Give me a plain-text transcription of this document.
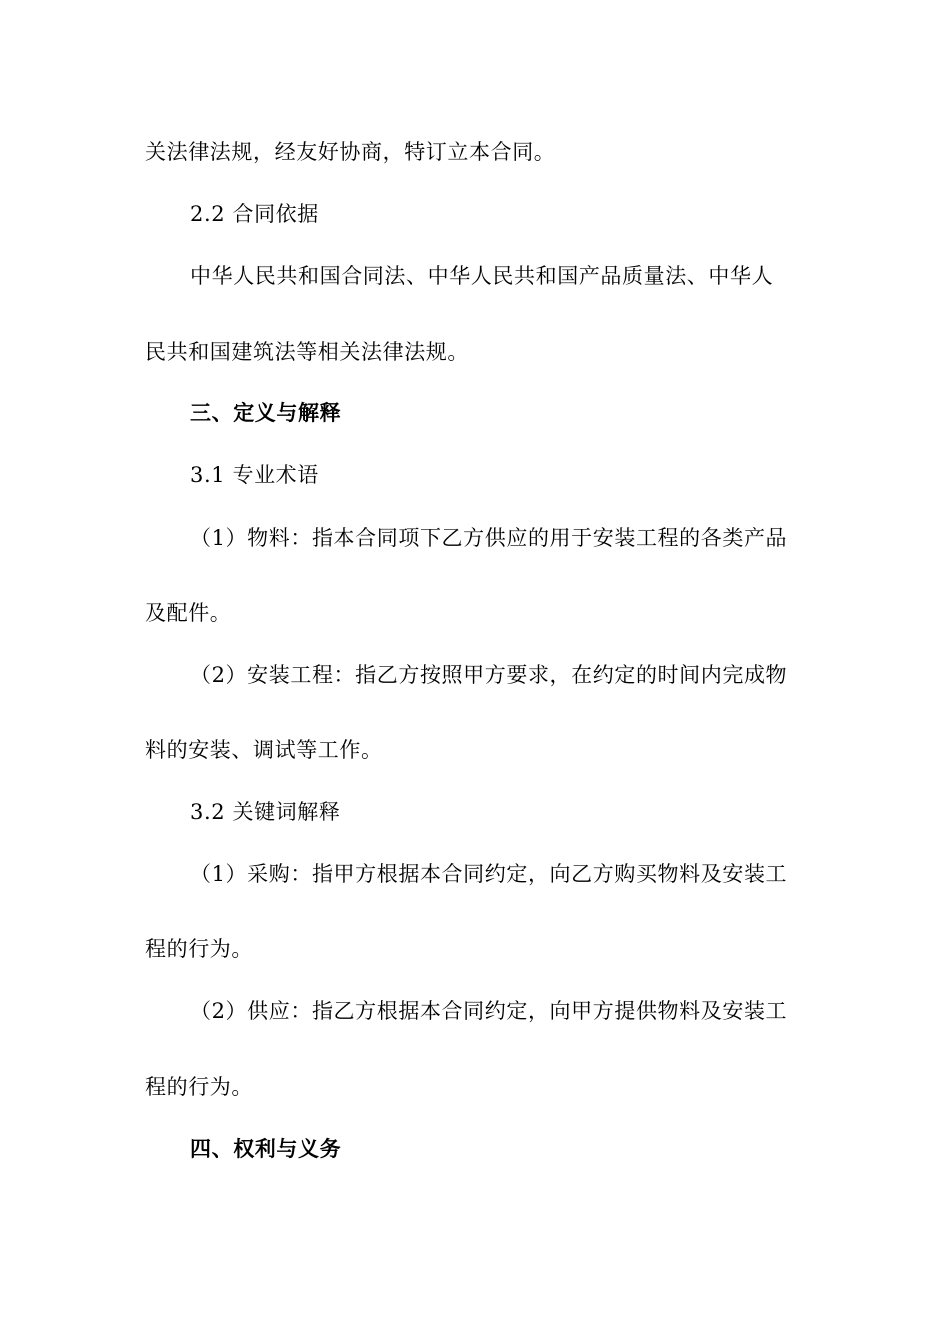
关法律法规，经友好协商，特订立本合同。
2.2 合同依据
中华人民共和国合同法、中华人民共和国产品质量法、中华人
民共和国建筑法等相关法律法规。
三、定义与解释
3.1 专业术语
（1）物料：指本合同项下乙方供应的用于安装工程的各类产品
及配件。
（2）安装工程：指乙方按照甲方要求，在约定的时间内完成物
料的安装、调试等工作。
3.2 关键词解释
（1）采购：指甲方根据本合同约定，向乙方购买物料及安装工
程的行为。
（2）供应：指乙方根据本合同约定，向甲方提供物料及安装工
程的行为。
四、权利与义务
